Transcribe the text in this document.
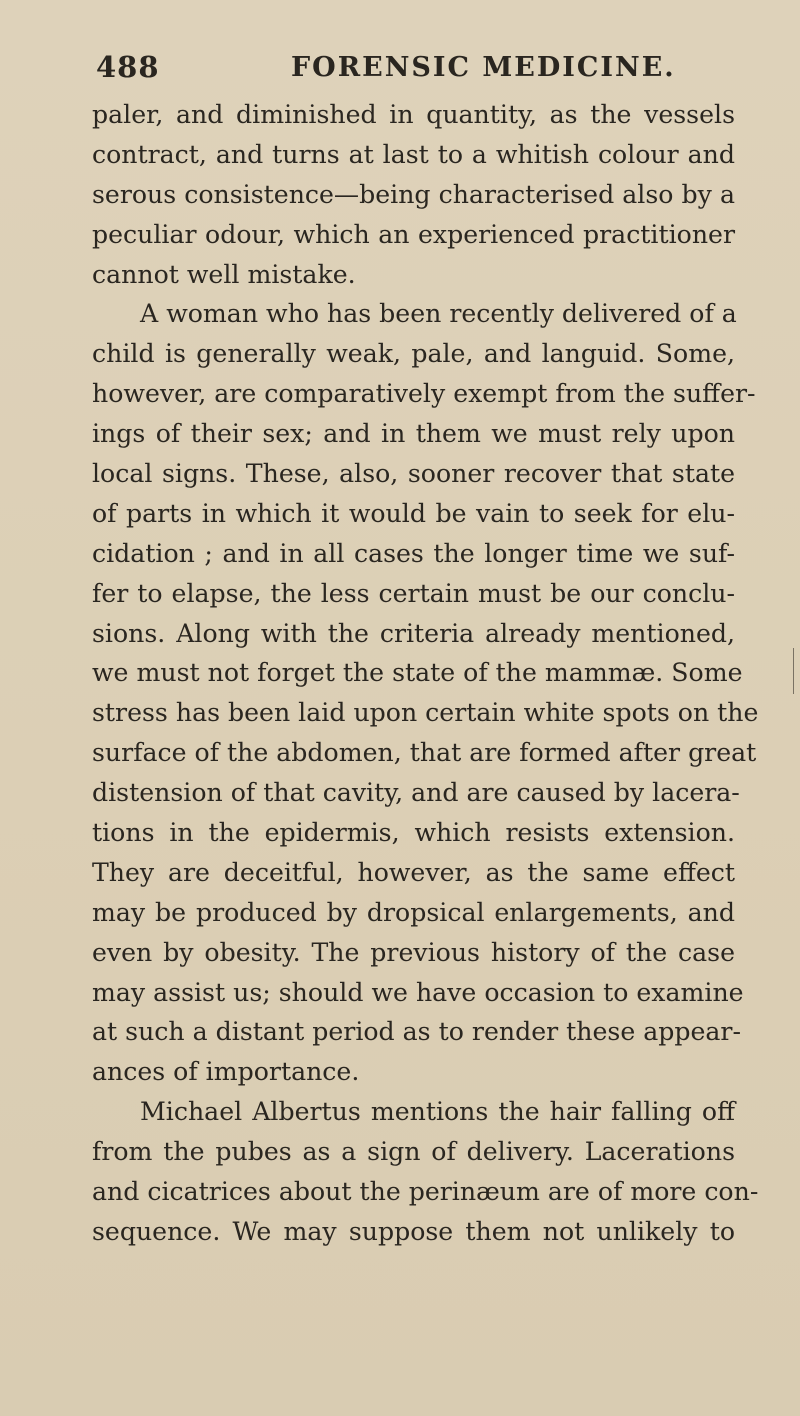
488	FORENSIC MEDICINE.
paler, and diminished in quantity, as the vessels
contract, and turns at last to a whitish colour and
serous consistence—being characterised also by a
peculiar odour, which an experienced practitioner
cannot well mistake.
A woman who has been recently delivered of a
child is generally weak, pale, and languid. Some,
however, are comparatively exempt from the suffer-
ings of their sex; and in them we must rely upon
local signs. These, also, sooner recover that state
of parts in which it would be vain to seek for elu-
cidation ; and in all cases the longer time we suf-
fer to elapse, the less certain must be our conclu-
sions. Along with the criteria already mentioned,
we must not forget the state of the mammæ. Some
stress has been laid upon certain white spots on the
surface of the abdomen, that are formed after great
distension of that cavity, and are caused by lacera-
tions in the epidermis, which resists extension.
They are deceitful, however, as the same effect
may be produced by dropsical enlargements, and
even by obesity. The previous history of the case
may assist us; should we have occasion to examine
at such a distant period as to render these appear-
ances of importance.
Michael Albertus mentions the hair falling off
from the pubes as a sign of delivery. Lacerations
and cicatrices about the perinæum are of more con-
sequence. We may suppose them not unlikely to
